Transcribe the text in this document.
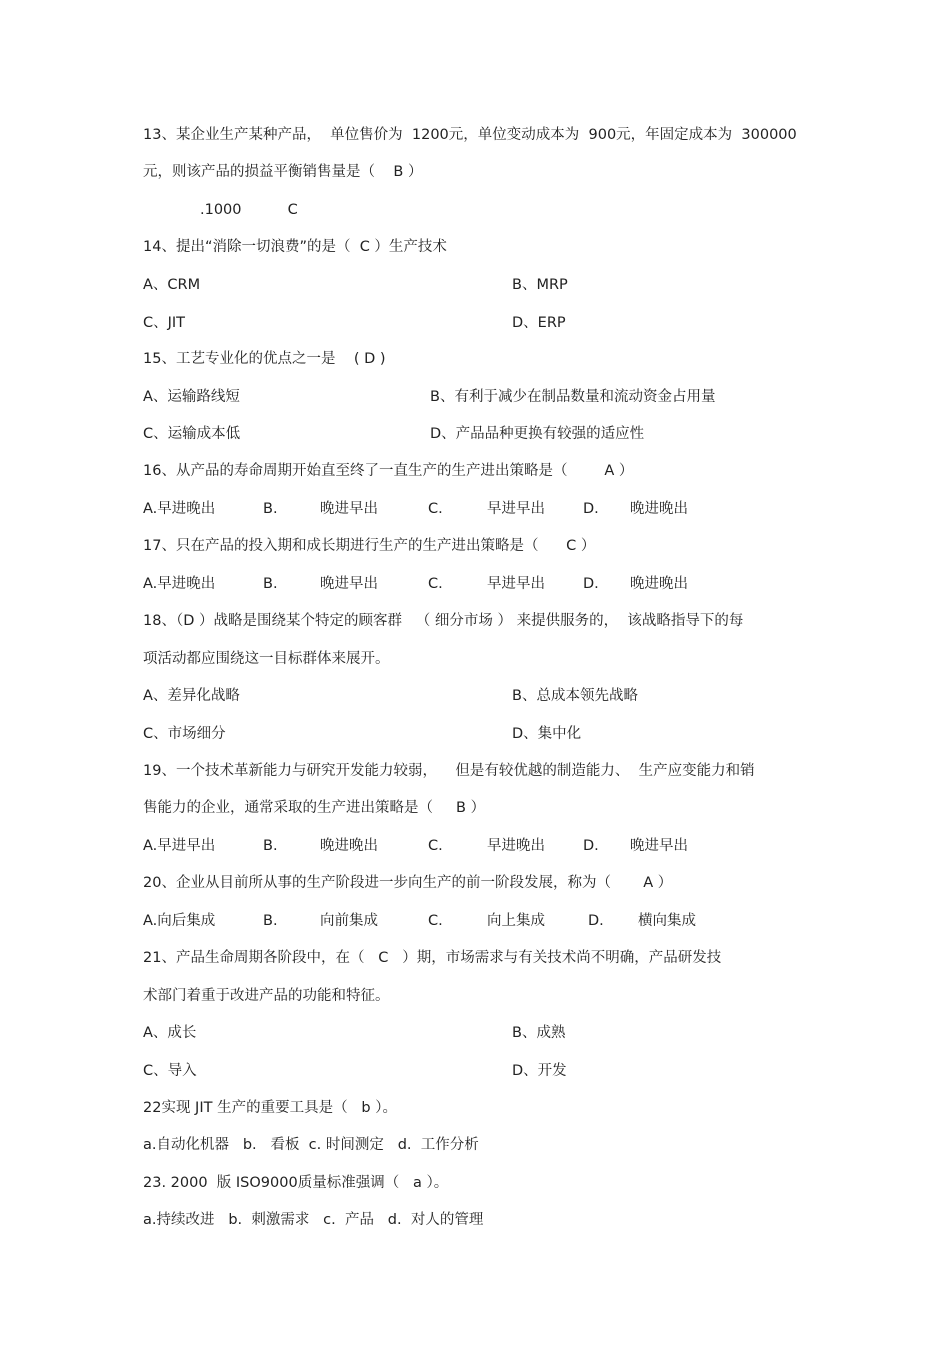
13、某企业生产某种产品，  单位售价为  1200元，单位变动成本为  900元，年固定成本为  300000
元，则该产品的损益平衡销售量是（    B ）
.1000          C
14、提出“消除一切浪费”的是（  C ）生产技术
A、CRM	B、MRP
C、JIT	D、ERP
15、工艺专业化的优点之一是    ( D )
A、运输路线短	B、有利于减少在制品数量和流动资金占用量
C、运输成本低	D、产品品种更换有较强的适应性
16、从产品的寿命周期开始直至终了一直生产的生产进出策略是（        A ）
A.早进晚出	B.	晚进早出	C.	早进早出	D. 晚进晚出
17、只在产品的投入期和成长期进行生产的生产进出策略是（      C ）
A.早进晚出	B.	晚进早出	C.	早进早出	D. 晚进晚出
18、（D ）战略是围绕某个特定的顾客群   （ 细分市场 ） 来提供服务的，  该战略指导下的每
项活动都应围绕这一目标群体来展开。
A、差异化战略	B、总成本领先战略
C、市场细分	D、集中化
19、一个技术革新能力与研究开发能力较弱，    但是有较优越的制造能力、  生产应变能力和销
售能力的企业，通常采取的生产进出策略是（     B ）
A.早进早出	B.	晚进晚出	C.	早进晚出	D. 晚进早出
20、企业从目前所从事的生产阶段进一步向生产的前一阶段发展，称为（       A ）
A.向后集成	B.	向前集成	C.	向上集成	D. 横向集成
21、产品生命周期各阶段中，在（   C   ）期，市场需求与有关技术尚不明确，产品研发技
术部门着重于改进产品的功能和特征。
A、成长	B、成熟
C、导入	D、开发
22实现 JIT 生产的重要工具是（   b ）。
a.自动化机器   b.   看板  c. 时间测定   d.  工作分析
23. 2000  版 ISO9000质量标准强调（   a ）。
a.持续改进   b.  刺激需求   c.  产品   d.  对人的管理
